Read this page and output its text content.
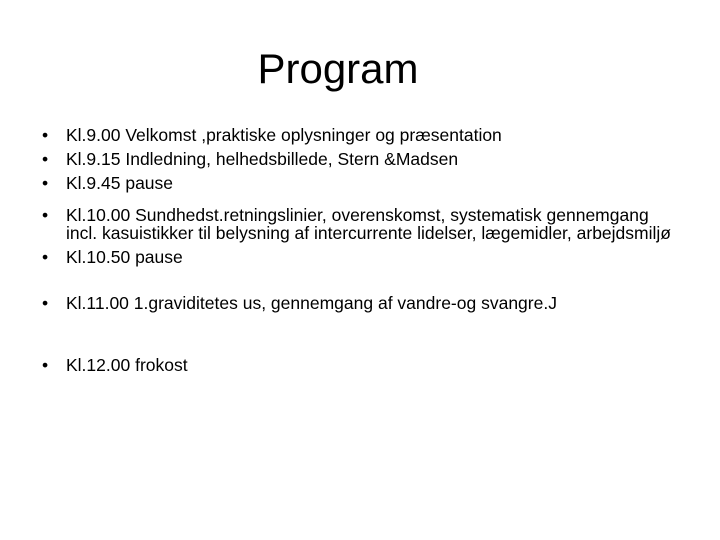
Program
• Kl.9.00 Velkomst ,praktiske oplysninger og præsentation
• Kl.9.15 Indledning, helhedsbillede, Stern &Madsen
• Kl.9.45 pause
• Kl.10.00 Sundhedst.retningslinier, overenskomst, systematisk gennemgang incl. kasuistikker til belysning af intercurrente lidelser, lægemidler, arbejdsmiljø
• Kl.10.50 pause
• Kl.11.00 1.graviditetes us, gennemgang af vandre-og svangre.J
• Kl.12.00 frokost
